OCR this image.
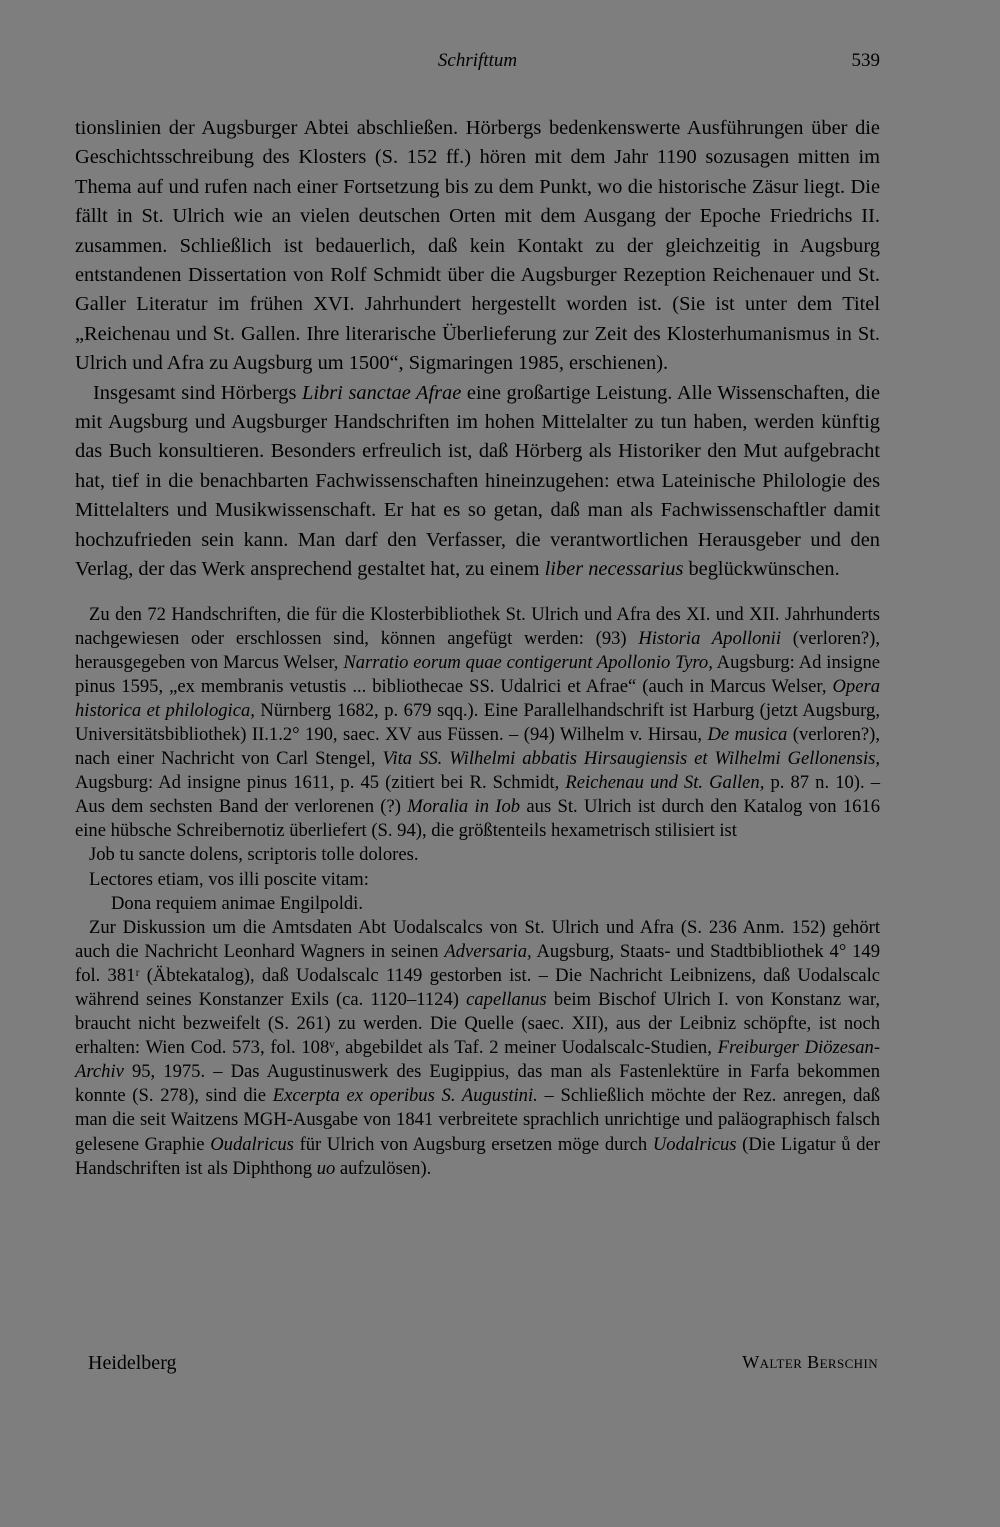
Schrifttum	539

tionslinien der Augsburger Abtei abschließen. Hörbergs bedenkenswerte Ausführungen über die Geschichtsschreibung des Klosters (S. 152 ff.) hören mit dem Jahr 1190 sozusagen mitten im Thema auf und rufen nach einer Fortsetzung bis zu dem Punkt, wo die historische Zäsur liegt. Die fällt in St. Ulrich wie an vielen deutschen Orten mit dem Ausgang der Epoche Friedrichs II. zusammen. Schließlich ist bedauerlich, daß kein Kontakt zu der gleichzeitig in Augsburg entstandenen Dissertation von Rolf Schmidt über die Augsburger Rezeption Reichenauer und St. Galler Literatur im frühen XVI. Jahrhundert hergestellt worden ist. (Sie ist unter dem Titel „Reichenau und St. Gallen. Ihre literarische Überlieferung zur Zeit des Klosterhumanismus in St. Ulrich und Afra zu Augsburg um 1500“, Sigmaringen 1985, erschienen).

Insgesamt sind Hörbergs Libri sanctae Afrae eine großartige Leistung. Alle Wissenschaften, die mit Augsburg und Augsburger Handschriften im hohen Mittelalter zu tun haben, werden künftig das Buch konsultieren. Besonders erfreulich ist, daß Hörberg als Historiker den Mut aufgebracht hat, tief in die benachbarten Fachwissenschaften hineinzugehen: etwa Lateinische Philologie des Mittelalters und Musikwissenschaft. Er hat es so getan, daß man als Fachwissenschaftler damit hochzufrieden sein kann. Man darf den Verfasser, die verantwortlichen Herausgeber und den Verlag, der das Werk ansprechend gestaltet hat, zu einem liber necessarius beglückwünschen.

Zu den 72 Handschriften, die für die Klosterbibliothek St. Ulrich und Afra des XI. und XII. Jahrhunderts nachgewiesen oder erschlossen sind, können angefügt werden: (93) Historia Apollonii (verloren?), herausgegeben von Marcus Welser, Narratio eorum quae contigerunt Apollonio Tyro, Augsburg: Ad insigne pinus 1595, „ex membranis vetustis ... bibliothecae SS. Udalrici et Afrae“ (auch in Marcus Welser, Opera historica et philologica, Nürnberg 1682, p. 679 sqq.). Eine Parallelhandschrift ist Harburg (jetzt Augsburg, Universitätsbibliothek) II.1.2° 190, saec. XV aus Füssen. – (94) Wilhelm v. Hirsau, De musica (verloren?), nach einer Nachricht von Carl Stengel, Vita SS. Wilhelmi abbatis Hirsaugiensis et Wilhelmi Gellonensis, Augsburg: Ad insigne pinus 1611, p. 45 (zitiert bei R. Schmidt, Reichenau und St. Gallen, p. 87 n. 10). – Aus dem sechsten Band der verlorenen (?) Moralia in Iob aus St. Ulrich ist durch den Katalog von 1616 eine hübsche Schreibernotiz überliefert (S. 94), die größtenteils hexametrisch stilisiert ist

Job tu sancte dolens, scriptoris tolle dolores.

Lectores etiam, vos illi poscite vitam:

Dona requiem animae Engilpoldi.

Zur Diskussion um die Amtsdaten Abt Uodalscalcs von St. Ulrich und Afra (S. 236 Anm. 152) gehört auch die Nachricht Leonhard Wagners in seinen Adversaria, Augsburg, Staats- und Stadtbibliothek 4° 149 fol. 381ʳ (Äbtekatalog), daß Uodalscalc 1149 gestorben ist. – Die Nachricht Leibnizens, daß Uodalscalc während seines Konstanzer Exils (ca. 1120–1124) capellanus beim Bischof Ulrich I. von Konstanz war, braucht nicht bezweifelt (S. 261) zu werden. Die Quelle (saec. XII), aus der Leibniz schöpfte, ist noch erhalten: Wien Cod. 573, fol. 108ᵛ, abgebildet als Taf. 2 meiner Uodalscalc-Studien, Freiburger Diözesan-Archiv 95, 1975. – Das Augustinuswerk des Eugippius, das man als Fastenlektüre in Farfa bekommen konnte (S. 278), sind die Excerpta ex operibus S. Augustini. – Schließlich möchte der Rez. anregen, daß man die seit Waitzens MGH-Ausgabe von 1841 verbreitete sprachlich unrichtige und paläographisch falsch gelesene Graphie Oudalricus für Ulrich von Augsburg ersetzen möge durch Uodalricus (Die Ligatur ů der Handschriften ist als Diphthong uo aufzulösen).

Heidelberg	Walter Berschin
